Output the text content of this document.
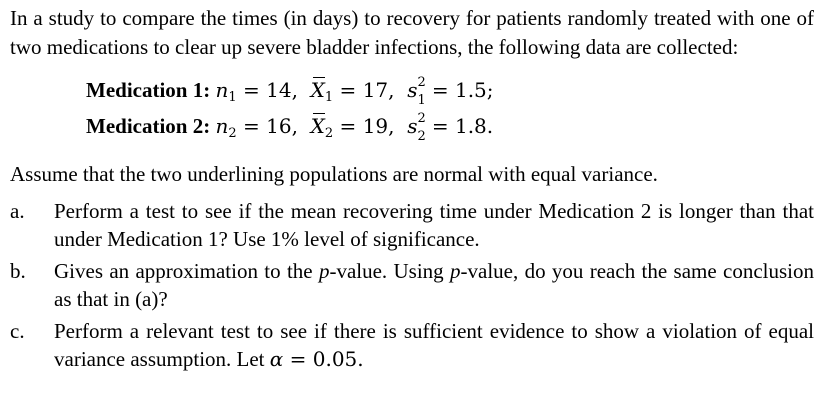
In a study to compare the times (in days) to recovery for patients randomly treated with one of two medications to clear up severe bladder infections, the following data are collected:

Medication 1: $n_1 = 14$,  $X_1 = 17$,  s 2
1 = 1.5;
Medication 2: $n_2 = 16$,  $X_2 = 19$,  s 2
2 = 1.8.

Assume that the two underlining populations are normal with equal variance.

a.	Perform a test to see if the mean recovering time under Medication 2 is longer than that under Medication 1? Use 1% level of significance.
b.	Gives an approximation to the p-value. Using p-value, do you reach the same conclusion as that in (a)?
c.	Perform a relevant test to see if there is sufficient evidence to show a violation of equal variance assumption. Let α = 0.05.
